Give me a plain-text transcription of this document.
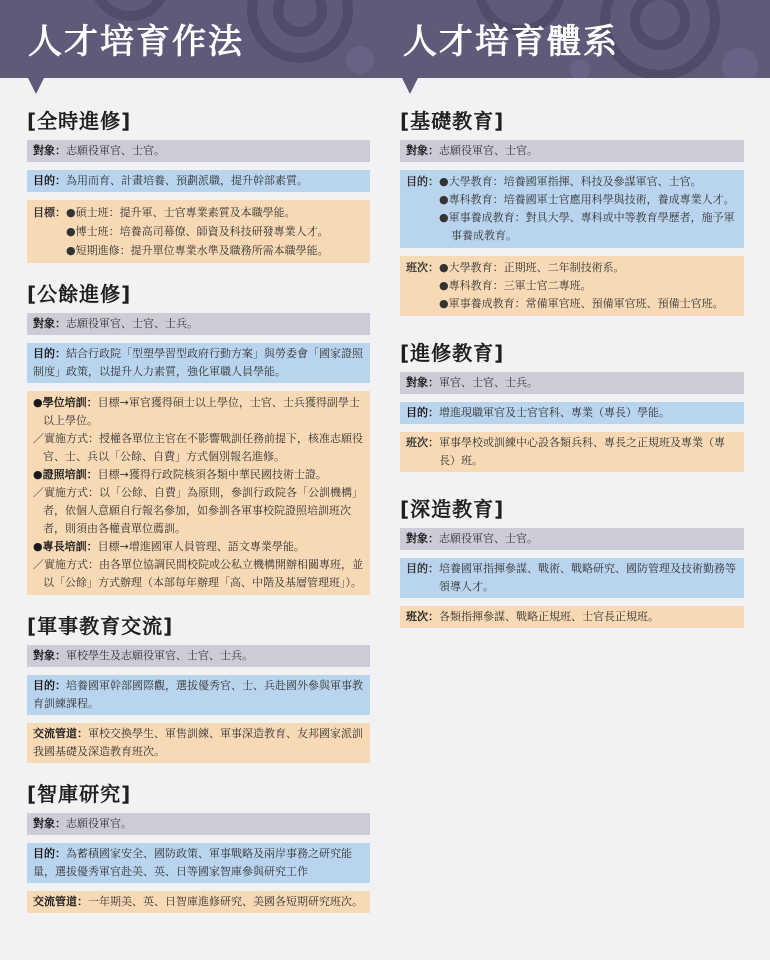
人才培育作法	人才培育體系
[全時進修]
對象：志願役軍官、士官。
目的：為用而育、計畫培養、預劃派職，提升幹部素質。
目標： ●碩士班：提升軍、士官專業素質及本職學能。
●博士班：培養高司幕僚、師資及科技研發專業人才。
●短期進修：提升單位專業水準及職務所需本職學能。
[公餘進修]
對象：志願役軍官、士官、士兵。
目的：結合行政院「型塑學習型政府行動方案」與勞委會「國家證照制度」政策，以提升人力素質，強化軍職人員學能。
●學位培訓：目標→軍官獲得碩士以上學位，士官、士兵獲得副學士以上學位。
／實施方式：授權各單位主官在不影響戰訓任務前提下，核准志願役官、士、兵以「公餘、自費」方式個別報名進修。
●證照培訓：目標→獲得行政院核須各類中華民國技術士證。
／實施方式：以「公餘、自費」為原則，參訓行政院各「公訓機構」者，依個人意願自行報名參加，如參訓各軍事校院證照培訓班次者，則須由各權責單位薦訓。
●專長培訓：目標→增進國軍人員管理、語文專業學能。
／實施方式：由各單位協調民間校院或公私立機構開辦相關專班，並以「公餘」方式辦理（本部每年辦理「高、中階及基層管理班」）。
[軍事教育交流]
對象：軍校學生及志願役軍官、士官、士兵。
目的：培養國軍幹部國際觀，選拔優秀官、士、兵赴國外參與軍事教育訓練課程。
交流管道：軍校交換學生、軍售訓練、軍事深造教育、友邦國家派訓我國基礎及深造教育班次。
[智庫研究]
對象：志願役軍官。
目的：為蓄積國家安全、國防政策、軍事戰略及兩岸事務之研究能量，選拔優秀軍官赴美、英、日等國家智庫參與研究工作
交流管道：一年期美、英、日智庫進修研究、美國各短期研究班次。
[基礎教育]
對象：志願役軍官、士官。
目的： ●大學教育：培養國軍指揮、科技及參謀軍官、士官。
●專科教育：培養國軍士官應用科學與技術，養成專業人才。
●軍事養成教育：對具大學、專科或中等教育學歷者，施予軍事養成教育。
班次： ●大學教育：正期班、二年制技術系。
●專科教育：三軍士官二專班。
●軍事養成教育：常備軍官班、預備軍官班、預備士官班。
[進修教育]
對象：軍官、士官、士兵。
目的：增進現職軍官及士官官科、專業（專長）學能。
班次： 軍事學校或訓練中心設各類兵科、專長之正規班及專業（專長）班。
[深造教育]
對象：志願役軍官、士官。
目的： 培養國軍指揮參謀、戰術、戰略研究、國防管理及技術勤務等領導人才。
班次：各類指揮參謀、戰略正規班、士官長正規班。
